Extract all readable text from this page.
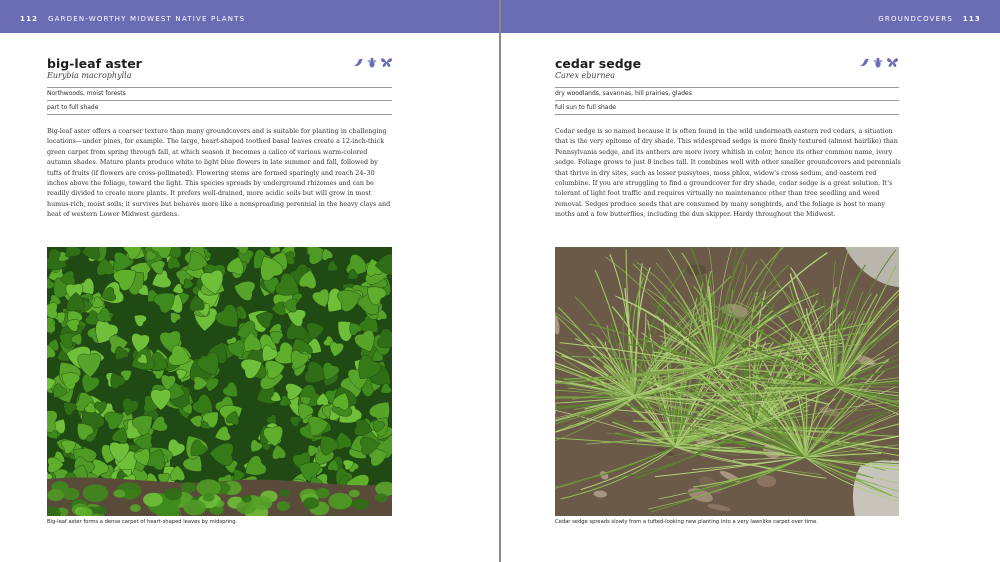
112 GARDEN-WORTHY MIDWEST NATIVE PLANTS
big-leaf aster
Eurybia macrophylla
Northwoods, moist forests
part to full shade

Big-leaf aster offers a coarser texture than many groundcovers and is suitable for planting in challenging locations—under pines, for example. The large, heart-shaped toothed basal leaves create a 12-inch-thick green carpet from spring through fall, at which season it becomes a calico of various warm-colored autumn shades. Mature plants produce white to light blue flowers in late summer and fall, followed by tufts of fruits (if flowers are cross-pollinated). Flowering stems are formed sparingly and reach 24–30 inches above the foliage, toward the light. This species spreads by underground rhizomes and can be readily divided to create more plants. It prefers well-drained, more acidic soils but will grow in most humus-rich, moist soils; it survives but behaves more like a nonspreading perennial in the heavy clays and heat of western Lower Midwest gardens.

Big-leaf aster forms a dense carpet of heart-shaped leaves by midspring.
GROUNDCOVERS 113
cedar sedge
Carex eburnea
dry woodlands, savannas, hill prairies, glades
full sun to full shade

Cedar sedge is so named because it is often found in the wild underneath eastern red cedars, a situation that is the very epitome of dry shade. This widespread sedge is more finely textured (almost hairlike) than Pennsylvania sedge, and its anthers are more ivory whitish in color, hence its other common name, ivory sedge. Foliage grows to just 8 inches tall. It combines well with other smaller groundcovers and perennials that thrive in dry sites, such as lesser pussytoes, moss phlox, widow's cross sedum, and eastern red columbine. If you are struggling to find a groundcover for dry shade, cedar sedge is a great solution. It's tolerant of light foot traffic and requires virtually no maintenance other than tree seedling and weed removal. Sedges produce seeds that are consumed by many songbirds, and the foliage is host to many moths and a few butterflies, including the dun skipper. Hardy throughout the Midwest.

Cedar sedge spreads slowly from a tufted-looking new planting into a very lawnlike carpet over time.
